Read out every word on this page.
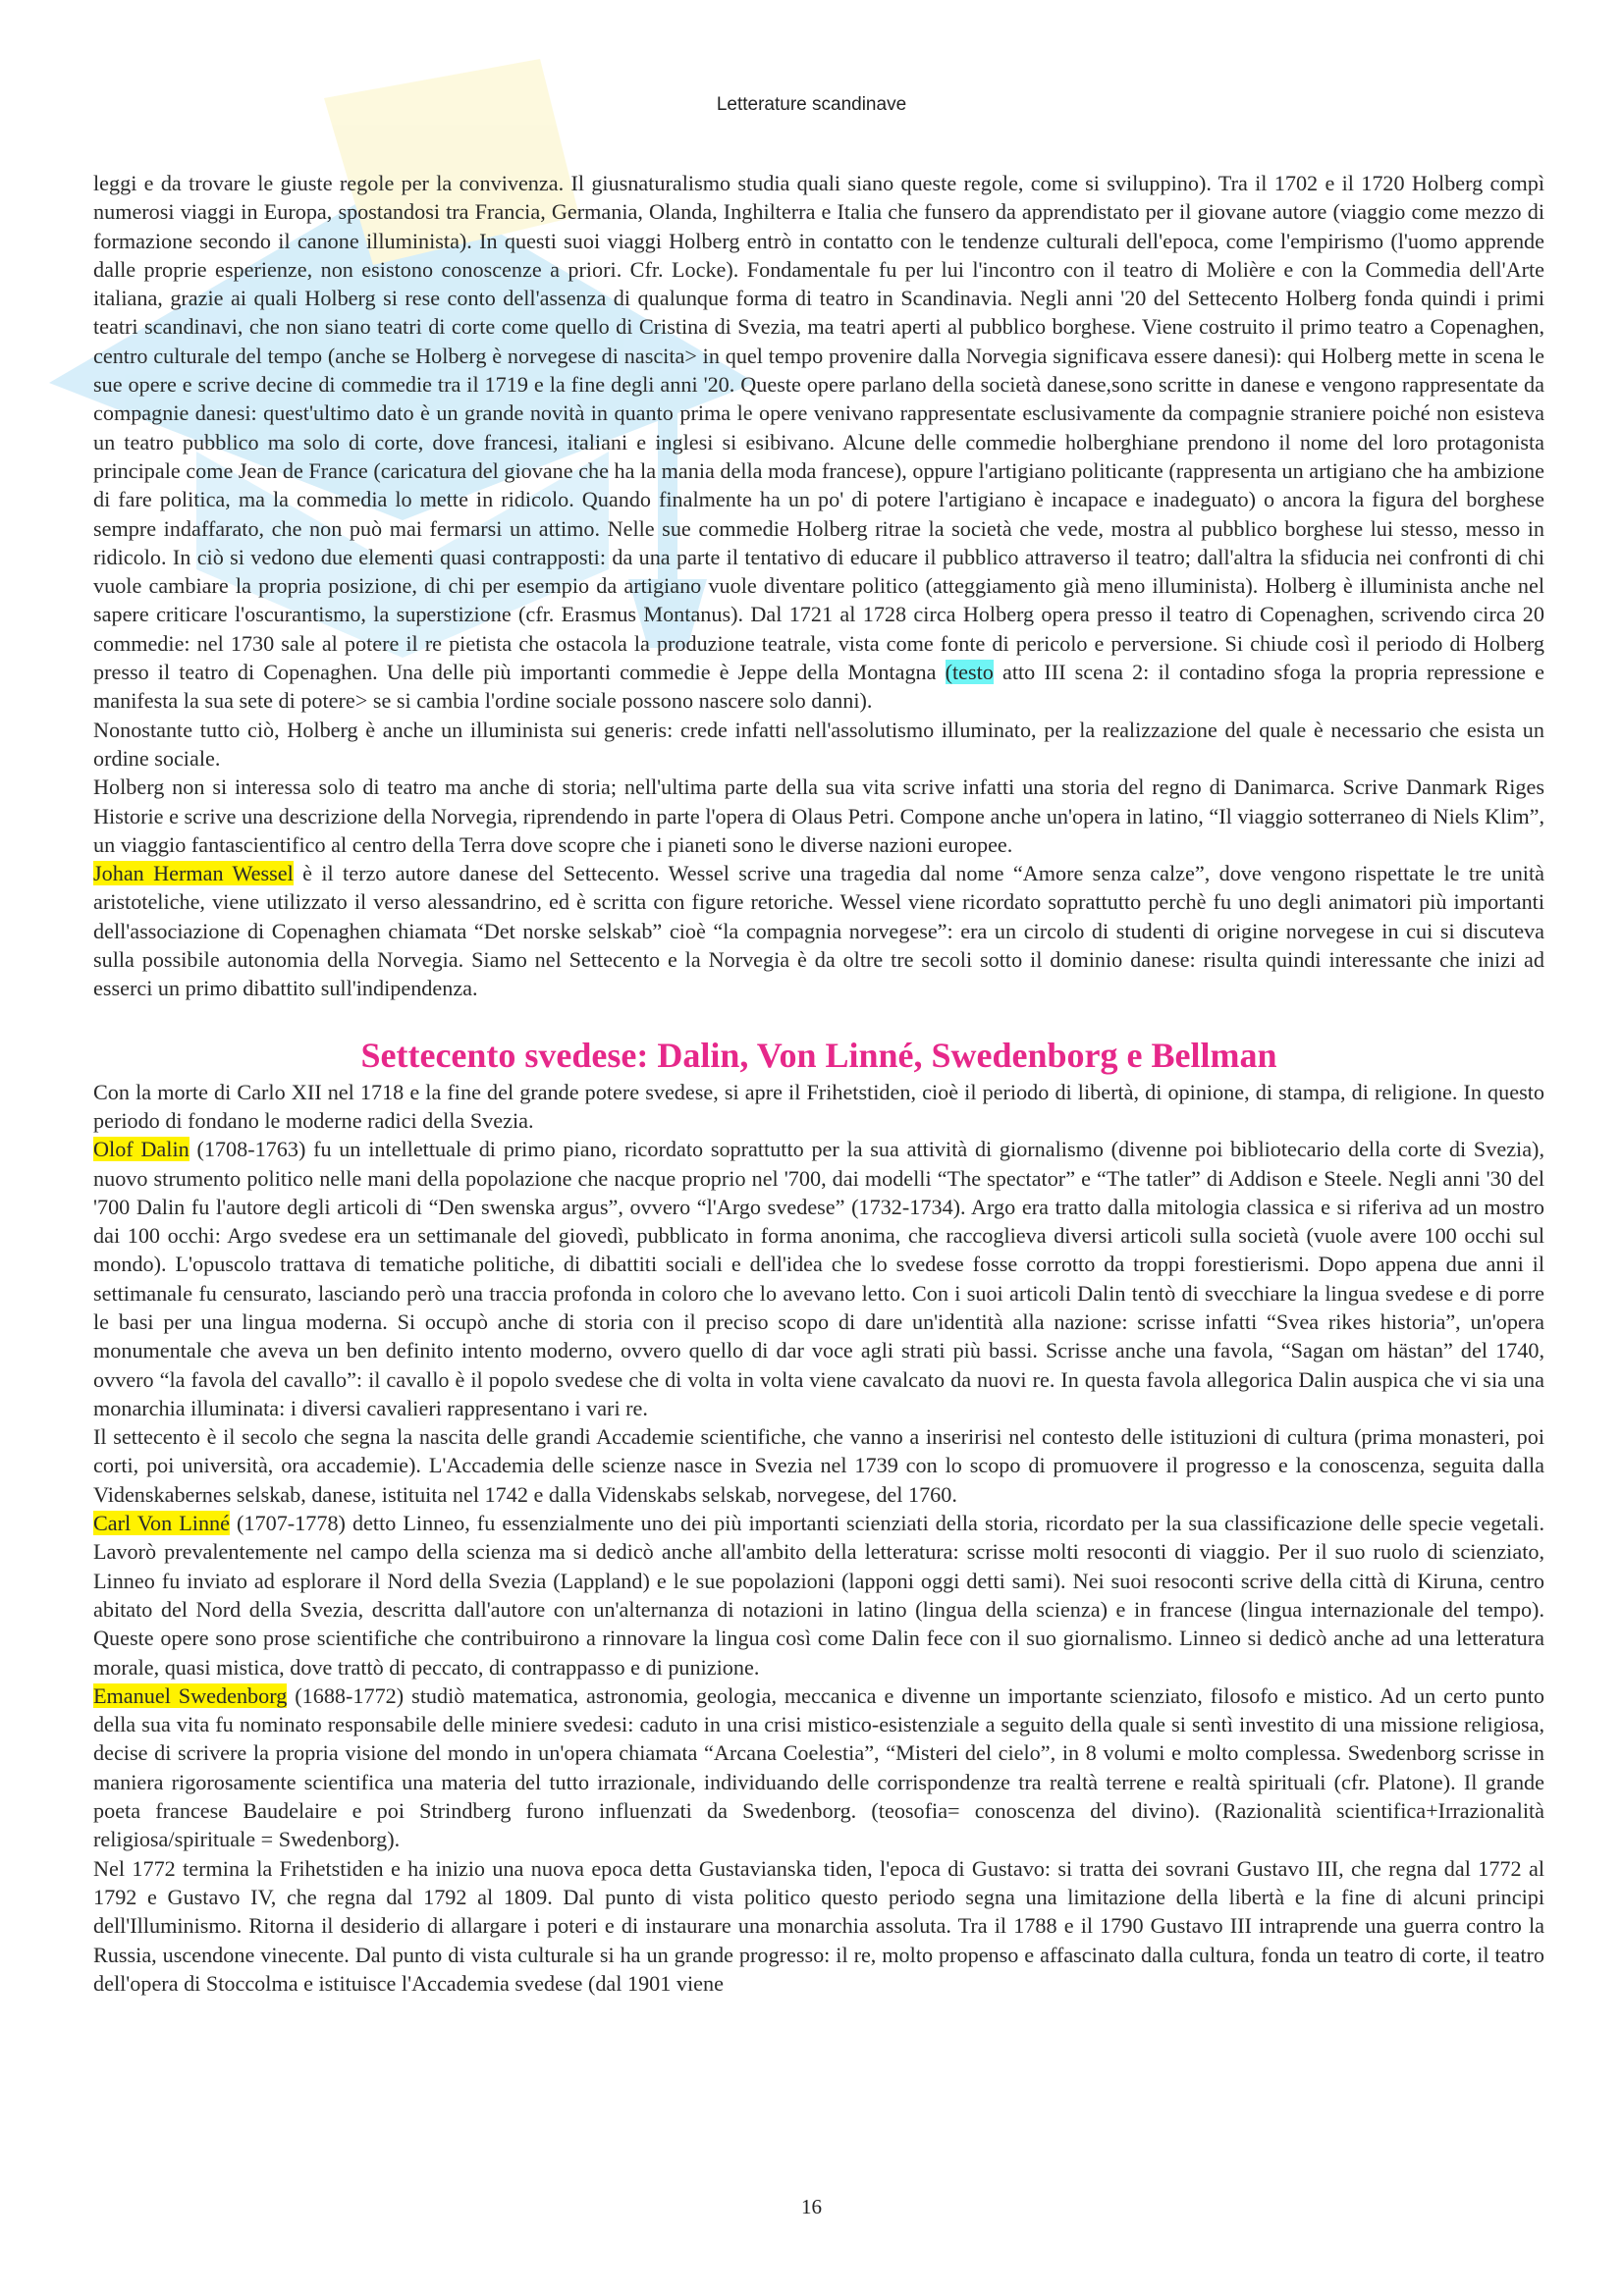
Letterature scandinave

leggi e da trovare le giuste regole per la convivenza. Il giusnaturalismo studia quali siano queste regole, come si sviluppino). Tra il 1702 e il 1720 Holberg compì numerosi viaggi in Europa, spostandosi tra Francia, Germania, Olanda, Inghilterra e Italia che funsero da apprendistato per il giovane autore (viaggio come mezzo di formazione secondo il canone illuminista). In questi suoi viaggi Holberg entrò in contatto con le tendenze culturali dell'epoca, come l'empirismo (l'uomo apprende dalle proprie esperienze, non esistono conoscenze a priori. Cfr. Locke). Fondamentale fu per lui l'incontro con il teatro di Molière e con la Commedia dell'Arte italiana, grazie ai quali Holberg si rese conto dell'assenza di qualunque forma di teatro in Scandinavia. Negli anni '20 del Settecento Holberg fonda quindi i primi teatri scandinavi, che non siano teatri di corte come quello di Cristina di Svezia, ma teatri aperti al pubblico borghese. Viene costruito il primo teatro a Copenaghen, centro culturale del tempo (anche se Holberg è norvegese di nascita> in quel tempo provenire dalla Norvegia significava essere danesi): qui Holberg mette in scena le sue opere e scrive decine di commedie tra il 1719 e la fine degli anni '20. Queste opere parlano della società danese,sono scritte in danese e vengono rappresentate da compagnie danesi: quest'ultimo dato è un grande novità in quanto prima le opere venivano rappresentate esclusivamente da compagnie straniere poiché non esisteva un teatro pubblico ma solo di corte, dove francesi, italiani e inglesi si esibivano. Alcune delle commedie holberghiane prendono il nome del loro protagonista principale come Jean de France (caricatura del giovane che ha la mania della moda francese), oppure l'artigiano politicante (rappresenta un artigiano che ha ambizione di fare politica, ma la commedia lo mette in ridicolo. Quando finalmente ha un po' di potere l'artigiano è incapace e inadeguato) o ancora la figura del borghese sempre indaffarato, che non può mai fermarsi un attimo. Nelle sue commedie Holberg ritrae la società che vede, mostra al pubblico borghese lui stesso, messo in ridicolo. In ciò si vedono due elementi quasi contrapposti: da una parte il tentativo di educare il pubblico attraverso il teatro; dall'altra la sfiducia nei confronti di chi vuole cambiare la propria posizione, di chi per esempio da artigiano vuole diventare politico (atteggiamento già meno illuminista). Holberg è illuminista anche nel sapere criticare l'oscurantismo, la superstizione (cfr. Erasmus Montanus). Dal 1721 al 1728 circa Holberg opera presso il teatro di Copenaghen, scrivendo circa 20 commedie: nel 1730 sale al potere il re pietista che ostacola la produzione teatrale, vista come fonte di pericolo e perversione. Si chiude così il periodo di Holberg presso il teatro di Copenaghen. Una delle più importanti commedie è Jeppe della Montagna (testo atto III scena 2: il contadino sfoga la propria repressione e manifesta la sua sete di potere> se si cambia l'ordine sociale possono nascere solo danni).

Nonostante tutto ciò, Holberg è anche un illuminista sui generis: crede infatti nell'assolutismo illuminato, per la realizzazione del quale è necessario che esista un ordine sociale.

Holberg non si interessa solo di teatro ma anche di storia; nell'ultima parte della sua vita scrive infatti una storia del regno di Danimarca. Scrive Danmark Riges Historie e scrive una descrizione della Norvegia, riprendendo in parte l'opera di Olaus Petri. Compone anche un'opera in latino, “Il viaggio sotterraneo di Niels Klim”, un viaggio fantascientifico al centro della Terra dove scopre che i pianeti sono le diverse nazioni europee.

Johan Herman Wessel è il terzo autore danese del Settecento. Wessel scrive una tragedia dal nome “Amore senza calze”, dove vengono rispettate le tre unità aristoteliche, viene utilizzato il verso alessandrino, ed è scritta con figure retoriche. Wessel viene ricordato soprattutto perchè fu uno degli animatori più importanti dell'associazione di Copenaghen chiamata “Det norske selskab” cioè “la compagnia norvegese”: era un circolo di studenti di origine norvegese in cui si discuteva sulla possibile autonomia della Norvegia. Siamo nel Settecento e la Norvegia è da oltre tre secoli sotto il dominio danese: risulta quindi interessante che inizi ad esserci un primo dibattito sull'indipendenza.

Settecento svedese: Dalin, Von Linné, Swedenborg e Bellman

Con la morte di Carlo XII nel 1718 e la fine del grande potere svedese, si apre il Frihetstiden, cioè il periodo di libertà, di opinione, di stampa, di religione. In questo periodo di fondano le moderne radici della Svezia.

Olof Dalin (1708-1763) fu un intellettuale di primo piano, ricordato soprattutto per la sua attività di giornalismo (divenne poi bibliotecario della corte di Svezia), nuovo strumento politico nelle mani della popolazione che nacque proprio nel '700, dai modelli “The spectator” e “The tatler” di Addison e Steele. Negli anni '30 del '700 Dalin fu l'autore degli articoli di “Den swenska argus”, ovvero “l'Argo svedese” (1732-1734). Argo era tratto dalla mitologia classica e si riferiva ad un mostro dai 100 occhi: Argo svedese era un settimanale del giovedì, pubblicato in forma anonima, che raccoglieva diversi articoli sulla società (vuole avere 100 occhi sul mondo). L'opuscolo trattava di tematiche politiche, di dibattiti sociali e dell'idea che lo svedese fosse corrotto da troppi forestierismi. Dopo appena due anni il settimanale fu censurato, lasciando però una traccia profonda in coloro che lo avevano letto. Con i suoi articoli Dalin tentò di svecchiare la lingua svedese e di porre le basi per una lingua moderna. Si occupò anche di storia con il preciso scopo di dare un'identità alla nazione: scrisse infatti “Svea rikes historia”, un'opera monumentale che aveva un ben definito intento moderno, ovvero quello di dar voce agli strati più bassi. Scrisse anche una favola, “Sagan om hästan” del 1740, ovvero “la favola del cavallo”: il cavallo è il popolo svedese che di volta in volta viene cavalcato da nuovi re. In questa favola allegorica Dalin auspica che vi sia una monarchia illuminata: i diversi cavalieri rappresentano i vari re.

Il settecento è il secolo che segna la nascita delle grandi Accademie scientifiche, che vanno a inseririsi nel contesto delle istituzioni di cultura (prima monasteri, poi corti, poi università, ora accademie). L'Accademia delle scienze nasce in Svezia nel 1739 con lo scopo di promuovere il progresso e la conoscenza, seguita dalla Videnskabernes selskab, danese, istituita nel 1742 e dalla Videnskabs selskab, norvegese, del 1760.

Carl Von Linné (1707-1778) detto Linneo, fu essenzialmente uno dei più importanti scienziati della storia, ricordato per la sua classificazione delle specie vegetali. Lavorò prevalentemente nel campo della scienza ma si dedicò anche all'ambito della letteratura: scrisse molti resoconti di viaggio. Per il suo ruolo di scienziato, Linneo fu inviato ad esplorare il Nord della Svezia (Lappland) e le sue popolazioni (lapponi oggi detti sami). Nei suoi resoconti scrive della città di Kiruna, centro abitato del Nord della Svezia, descritta dall'autore con un'alternanza di notazioni in latino (lingua della scienza) e in francese (lingua internazionale del tempo). Queste opere sono prose scientifiche che contribuirono a rinnovare la lingua così come Dalin fece con il suo giornalismo. Linneo si dedicò anche ad una letteratura morale, quasi mistica, dove trattò di peccato, di contrappasso e di punizione.

Emanuel Swedenborg (1688-1772) studiò matematica, astronomia, geologia, meccanica e divenne un importante scienziato, filosofo e mistico. Ad un certo punto della sua vita fu nominato responsabile delle miniere svedesi: caduto in una crisi mistico-esistenziale a seguito della quale si sentì investito di una missione religiosa, decise di scrivere la propria visione del mondo in un'opera chiamata “Arcana Coelestia”, “Misteri del cielo”, in 8 volumi e molto complessa. Swedenborg scrisse in maniera rigorosamente scientifica una materia del tutto irrazionale, individuando delle corrispondenze tra realtà terrene e realtà spirituali (cfr. Platone). Il grande poeta francese Baudelaire e poi Strindberg furono influenzati da Swedenborg. (teosofia= conoscenza del divino). (Razionalità scientifica+Irrazionalità religiosa/spirituale = Swedenborg).

Nel 1772 termina la Frihetstiden e ha inizio una nuova epoca detta Gustavianska tiden, l'epoca di Gustavo: si tratta dei sovrani Gustavo III, che regna dal 1772 al 1792 e Gustavo IV, che regna dal 1792 al 1809. Dal punto di vista politico questo periodo segna una limitazione della libertà e la fine di alcuni principi dell'Illuminismo. Ritorna il desiderio di allargare i poteri e di instaurare una monarchia assoluta. Tra il 1788 e il 1790 Gustavo III intraprende una guerra contro la Russia, uscendone vinecente. Dal punto di vista culturale si ha un grande progresso: il re, molto propenso e affascinato dalla cultura, fonda un teatro di corte, il teatro dell'opera di Stoccolma e istituisce l'Accademia svedese (dal 1901 viene

16
